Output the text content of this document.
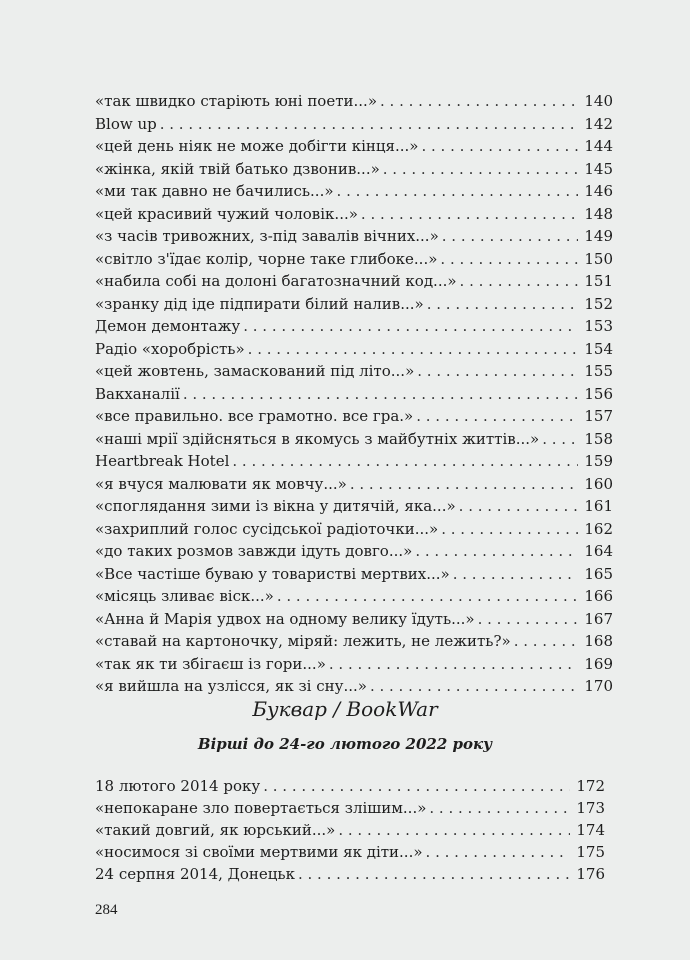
«так швидко старіють юні поети...» . . .	140
Blow up . . .	142
«цей день ніяк не може добігти кінця...» . . .	144
«жінка, якій твій батько дзвонив...» . . .	145
«ми так давно не бачились...» . . .	146
«цей красивий чужий чоловік...» . . .	148
«з часів тривожних, з-під завалів вічних...» . . .	149
«світло з'їдає колір, чорне таке глибоке...» . . .	150
«набила собі на долоні багатозначний код...» . . .	151
«зранку дід іде підпирати білий налив...» . . .	152
Демон демонтажу . . .	153
Радіо «хоробрість» . . .	154
«цей жовтень, замаскований під літо...» . . .	155
Вакханалії . . .	156
«все правильно. все грамотно. все гра.» . . .	157
«наші мрії здійсняться в якомусь з майбутніх життів...» . . .	158
Heartbreak Hotel . . .	159
«я вчуся малювати як мовчу...» . . .	160
«споглядання зими із вікна у дитячій, яка...» . . .	161
«захриплий голос сусідської радіоточки...» . . .	162
«до таких розмов завжди ідуть довго...» . . .	164
«Все частіше буваю у товаристві мертвих...» . . .	165
«місяць зливає віск...» . . .	166
«Анна й Марія удвох на одному велику їдуть...» . . .	167
«ставай на картоночку, міряй: лежить, не лежить?» . . .	168
«так як ти збігаєш із гори...» . . .	169
«я вийшла на узлісся, як зі сну...» . . .	170
Буквар / BookWar
Вірші до 24-го лютого 2022 року
18 лютого 2014 року . . .	172
«непокаране зло повертається злішим...» . . .	173
«такий довгий, як юрський...» . . .	174
«носимося зі своїми мертвими як діти...» . . .	175
24 серпня 2014, Донецьк . . .	176
284
